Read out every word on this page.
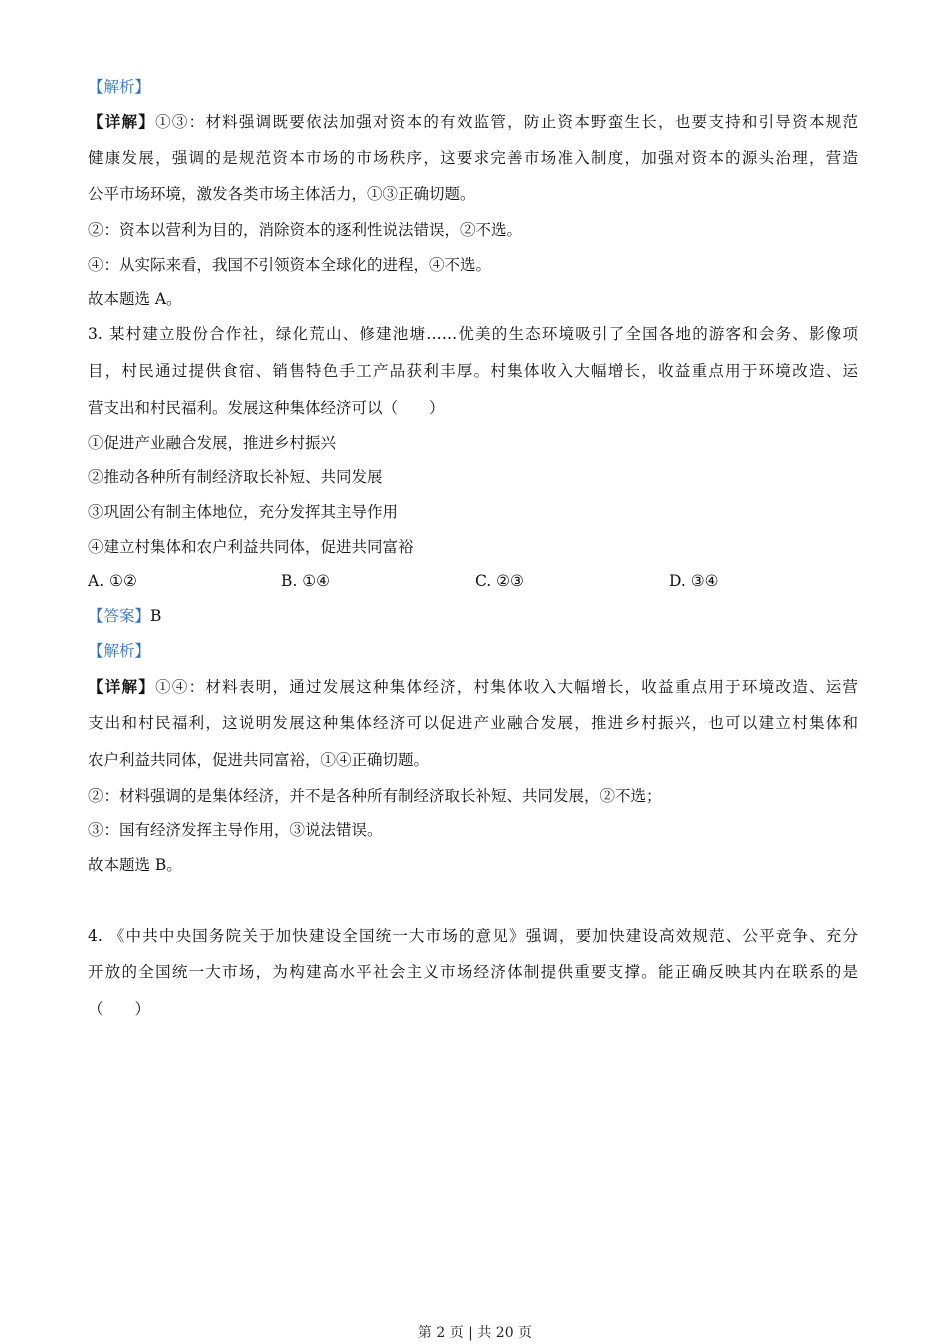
【解析】
【详解】①③：材料强调既要依法加强对资本的有效监管，防止资本野蛮生长，也要支持和引导资本规范
健康发展，强调的是规范资本市场的市场秩序，这要求完善市场准入制度，加强对资本的源头治理，营造
公平市场环境，激发各类市场主体活力，①③正确切题。
②：资本以营利为目的，消除资本的逐利性说法错误，②不选。
④：从实际来看，我国不引领资本全球化的进程，④不选。
故本题选 A。
3. 某村建立股份合作社，绿化荒山、修建池塘……优美的生态环境吸引了全国各地的游客和会务、影像项
目，村民通过提供食宿、销售特色手工产品获利丰厚。村集体收入大幅增长，收益重点用于环境改造、运
营支出和村民福利。发展这种集体经济可以（　　）
①促进产业融合发展，推进乡村振兴
②推动各种所有制经济取长补短、共同发展
③巩固公有制主体地位，充分发挥其主导作用
④建立村集体和农户利益共同体，促进共同富裕
A. ①②	B. ①④	C. ②③	D. ③④
【答案】B
【解析】
【详解】①④：材料表明，通过发展这种集体经济，村集体收入大幅增长，收益重点用于环境改造、运营
支出和村民福利，这说明发展这种集体经济可以促进产业融合发展，推进乡村振兴，也可以建立村集体和
农户利益共同体，促进共同富裕，①④正确切题。
②：材料强调的是集体经济，并不是各种所有制经济取长补短、共同发展，②不选；
③：国有经济发挥主导作用，③说法错误。
故本题选 B。
4. 《中共中央国务院关于加快建设全国统一大市场的意见》强调，要加快建设高效规范、公平竞争、充分
开放的全国统一大市场，为构建高水平社会主义市场经济体制提供重要支撑。能正确反映其内在联系的是
（　　）
第 2 页 | 共 20 页
